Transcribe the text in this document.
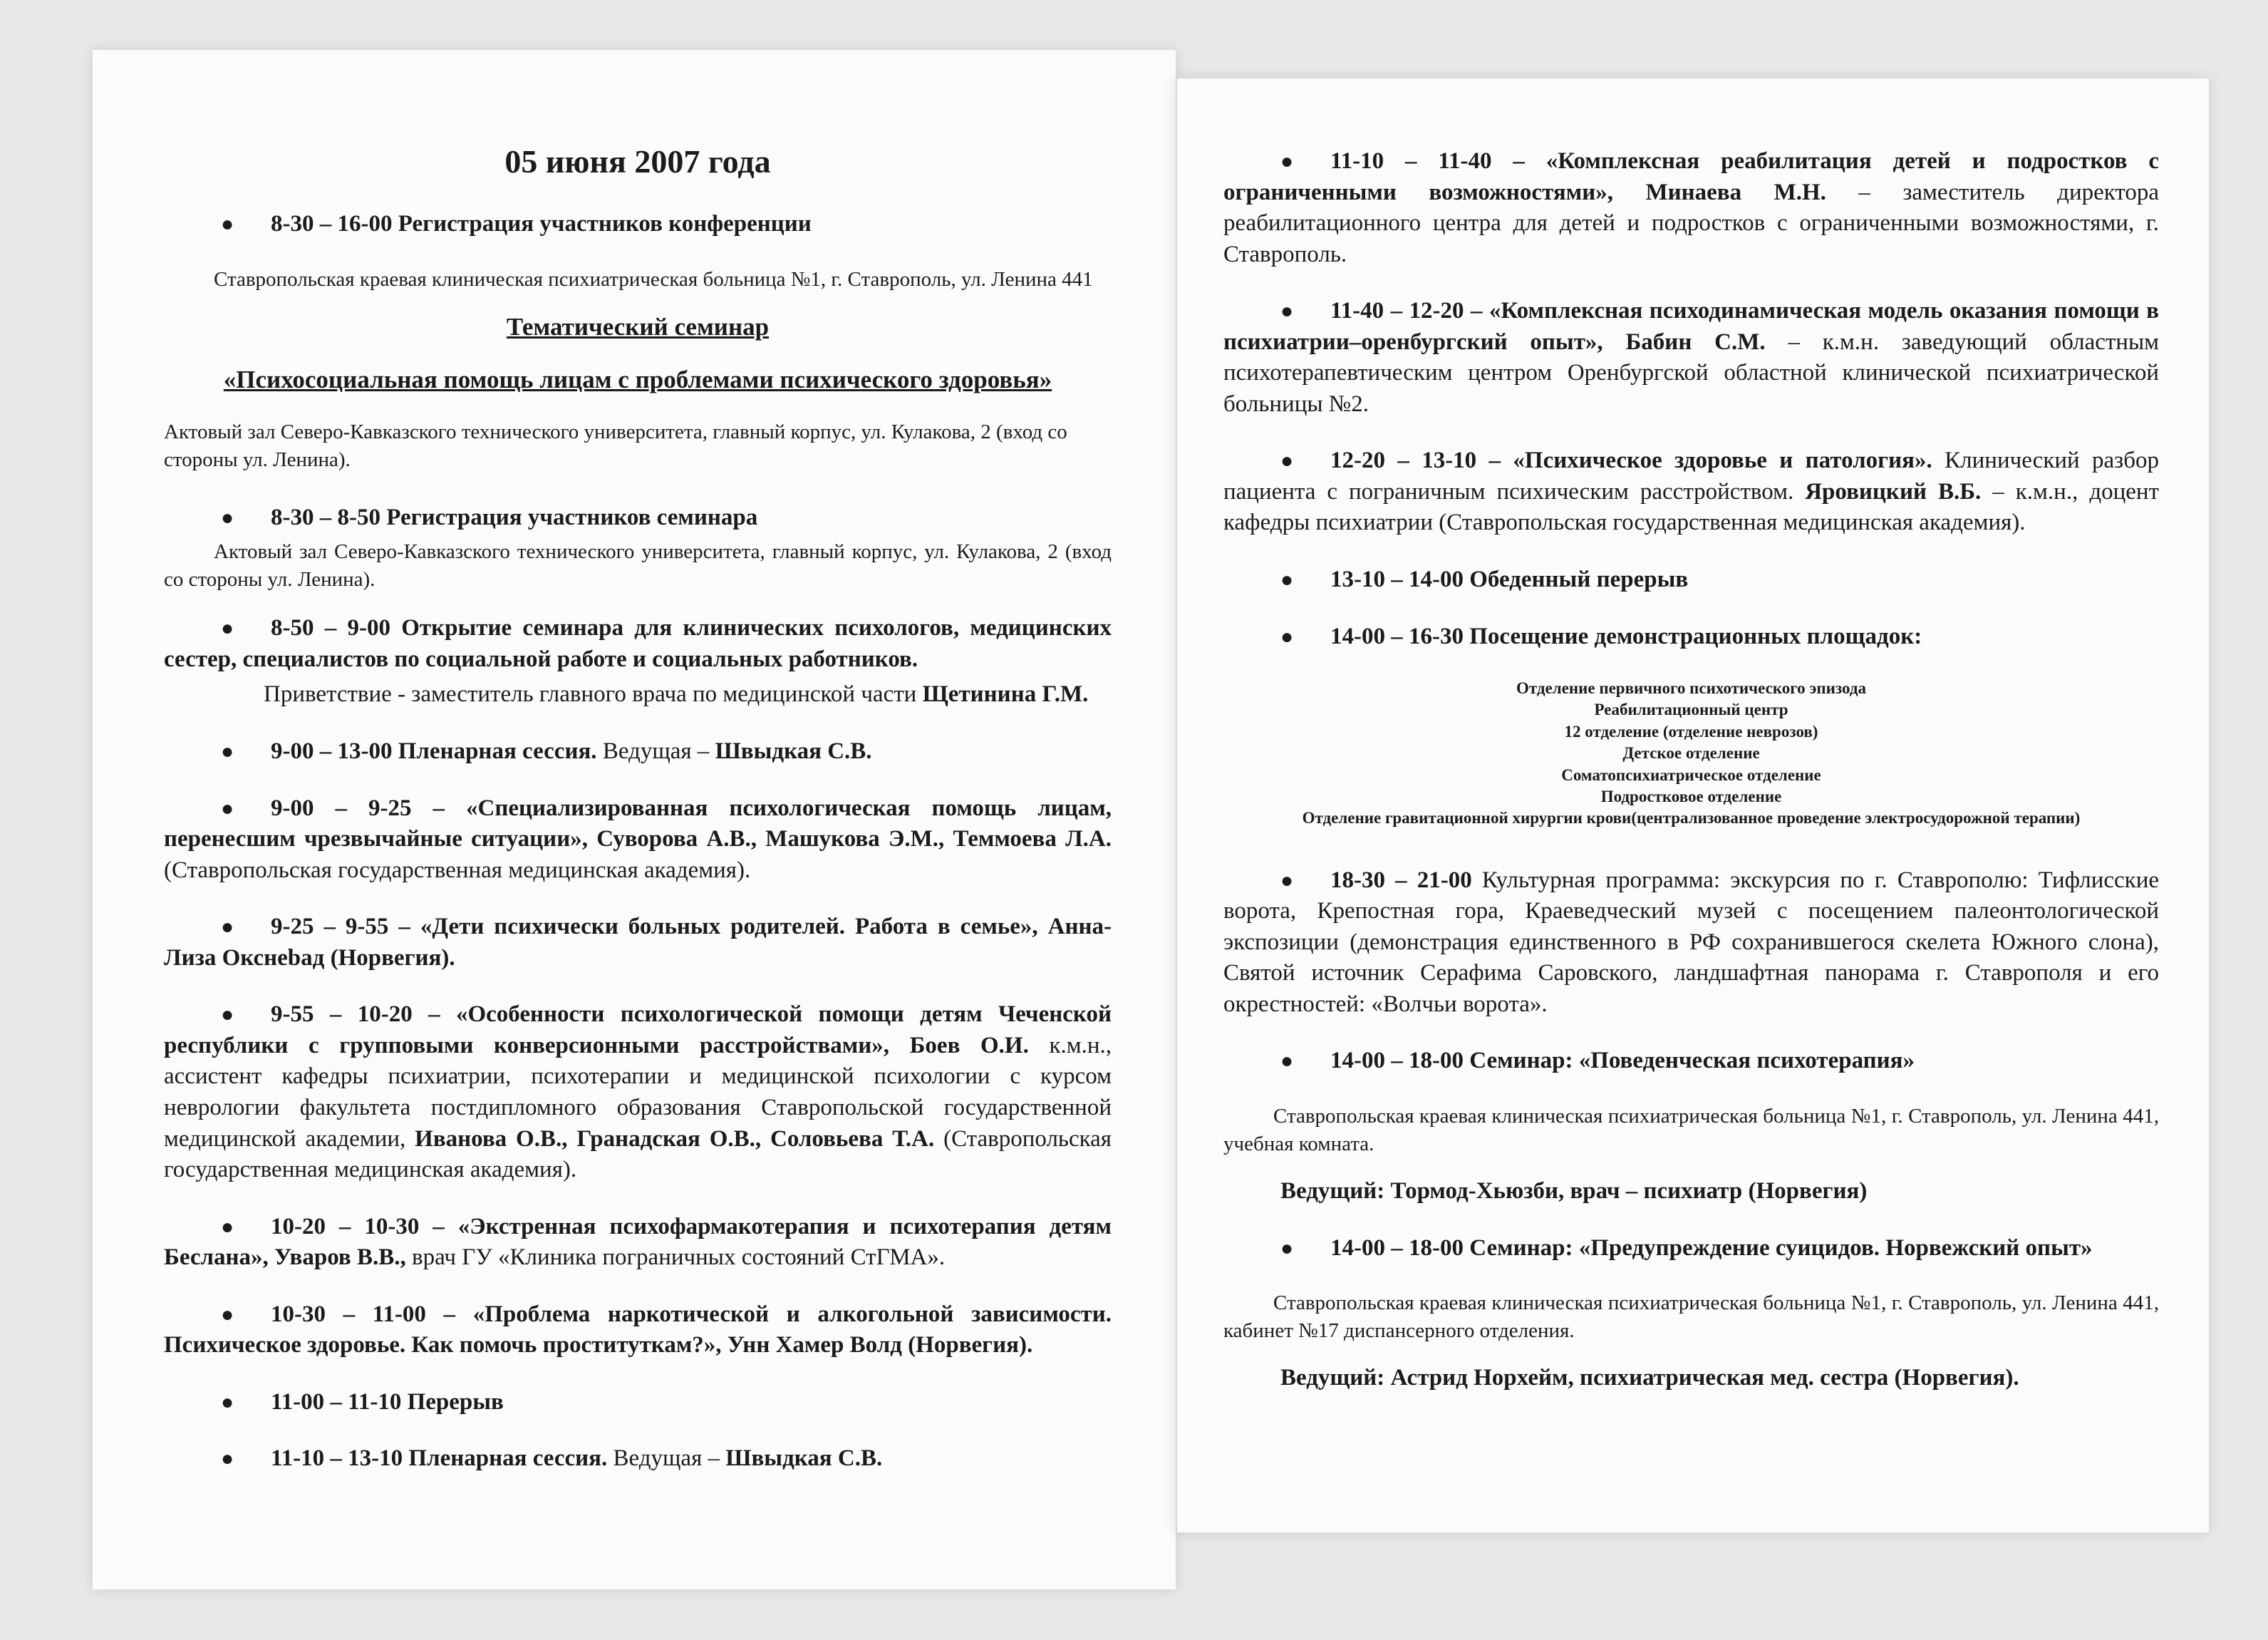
05 июня 2007 года
● 8-30 – 16-00 Регистрация участников конференции
Ставропольская краевая клиническая психиатрическая больница №1, г. Ставрополь, ул. Ленина 441
Тематический семинар
«Психосоциальная помощь лицам с проблемами психического здоровья»
Актовый зал Северо-Кавказского технического университета, главный корпус, ул. Кулакова, 2 (вход со стороны ул. Ленина).
● 8-30 – 8-50 Регистрация участников семинара
Актовый зал Северо-Кавказского технического университета, главный корпус, ул. Кулакова, 2 (вход со стороны ул. Ленина).
● 8-50 – 9-00 Открытие семинара для клинических психологов, медицинских сестер, специалистов по социальной работе и социальных работников.
Приветствие - заместитель главного врача по медицинской части Щетинина Г.М.
● 9-00 – 13-00 Пленарная сессия. Ведущая – Швыдкая С.В.
● 9-00 – 9-25 – «Специализированная психологическая помощь лицам, перенесшим чрезвычайные ситуации», Суворова А.В., Машукова Э.М., Теммоева Л.А. (Ставропольская государственная медицинская академия).
● 9-25 – 9-55 – «Дети психически больных родителей. Работа в семье», Анна-Лиза Окснеbад (Норвегия).
● 9-55 – 10-20 – «Особенности психологической помощи детям Чеченской республики с групповыми конверсионными расстройствами», Боев О.И. к.м.н., ассистент кафедры психиатрии, психотерапии и медицинской психологии с курсом неврологии факультета постдипломного образования Ставропольской государственной медицинской академии, Иванова О.В., Гранадская О.В., Соловьева Т.А. (Ставропольская государственная медицинская академия).
● 10-20 – 10-30 – «Экстренная психофармакотерапия и психотерапия детям Беслана», Уваров В.В., врач ГУ «Клиника пограничных состояний СтГМА».
● 10-30 – 11-00 – «Проблема наркотической и алкогольной зависимости. Психическое здоровье. Как помочь проституткам?», Унн Хамер Волд (Норвегия).
● 11-00 – 11-10 Перерыв
● 11-10 – 13-10 Пленарная сессия. Ведущая – Швыдкая С.В.
● 11-10 – 11-40 – «Комплексная реабилитация детей и подростков с ограниченными возможностями», Минаева М.Н. – заместитель директора реабилитационного центра для детей и подростков с ограниченными возможностями, г. Ставрополь.
● 11-40 – 12-20 – «Комплексная психодинамическая модель оказания помощи в психиатрии–оренбургский опыт», Бабин С.М. – к.м.н. заведующий областным психотерапевтическим центром Оренбургской областной клинической психиатрической больницы №2.
● 12-20 – 13-10 – «Психическое здоровье и патология». Клинический разбор пациента с пограничным психическим расстройством. Яровицкий В.Б. – к.м.н., доцент кафедры психиатрии (Ставропольская государственная медицинская академия).
● 13-10 – 14-00 Обеденный перерыв
● 14-00 – 16-30 Посещение демонстрационных площадок:
Отделение первичного психотического эпизода
Реабилитационный центр
12 отделение (отделение неврозов)
Детское отделение
Соматопсихиатрическое отделение
Подростковое отделение
Отделение гравитационной хирургии крови(централизованное проведение электросудорожной терапии)
● 18-30 – 21-00 Культурная программа: экскурсия по г. Ставрополю: Тифлисские ворота, Крепостная гора, Краеведческий музей с посещением палеонтологической экспозиции (демонстрация единственного в РФ сохранившегося скелета Южного слона), Святой источник Серафима Саровского, ландшафтная панорама г. Ставрополя и его окрестностей: «Волчьи ворота».
● 14-00 – 18-00 Семинар: «Поведенческая психотерапия»
Ставропольская краевая клиническая психиатрическая больница №1, г. Ставрополь, ул. Ленина 441, учебная комната.
Ведущий: Тормод-Хьюзби, врач – психиатр (Норвегия)
● 14-00 – 18-00 Семинар: «Предупреждение суицидов. Норвежский опыт»
Ставропольская краевая клиническая психиатрическая больница №1, г. Ставрополь, ул. Ленина 441, кабинет №17 диспансерного отделения.
Ведущий: Астрид Норхейм, психиатрическая мед. сестра (Норвегия).
